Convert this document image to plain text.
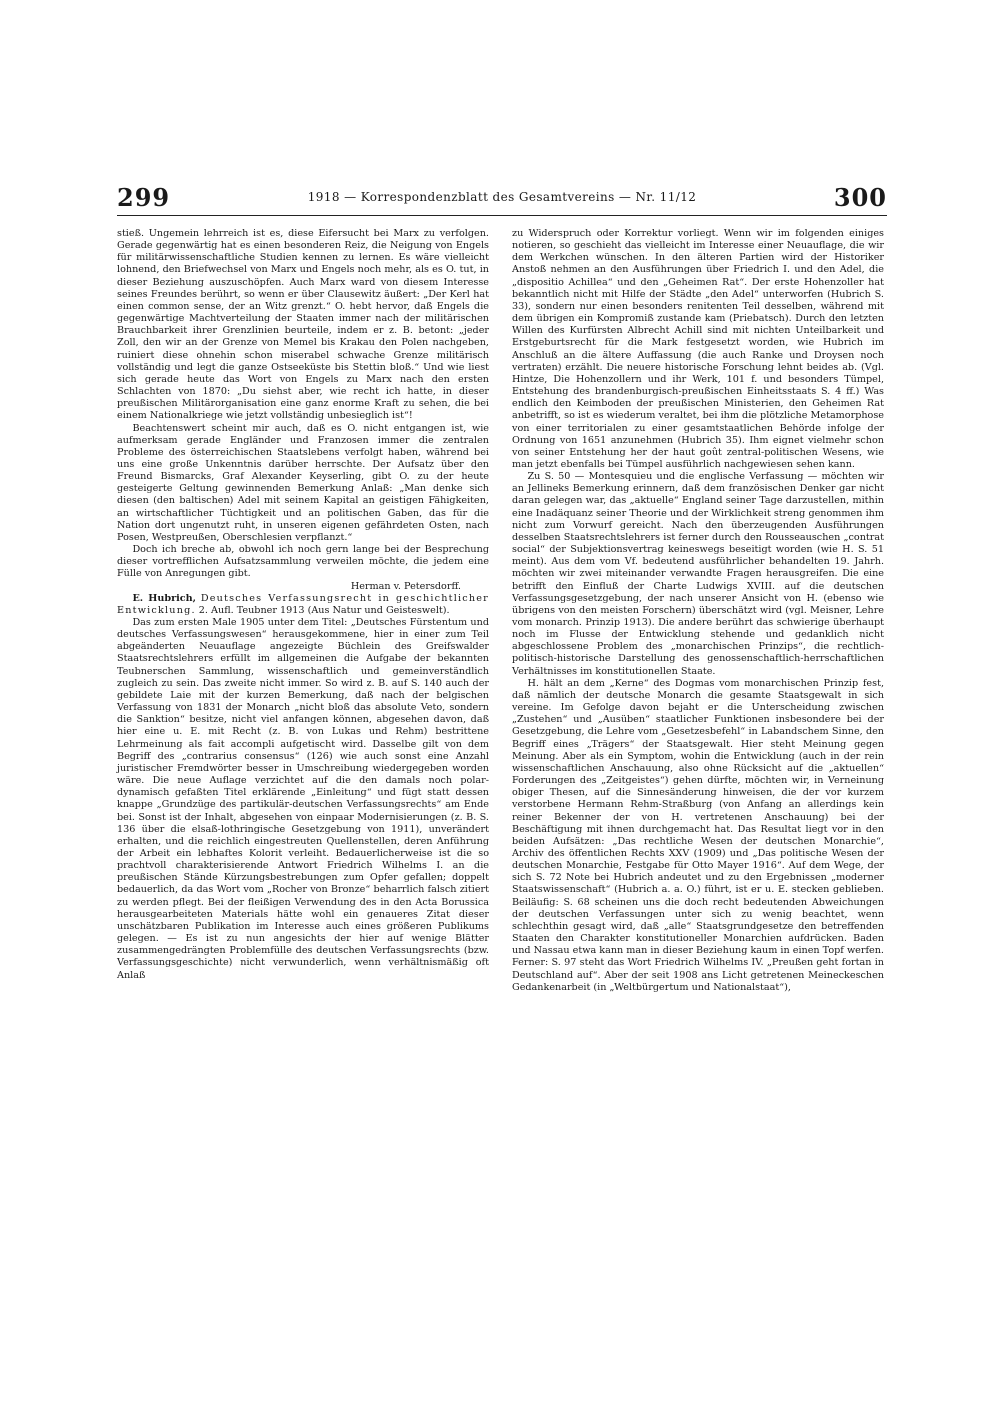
299	1918 — Korrespondenzblatt des Gesamtvereins — Nr. 11/12	300

stieß. Ungemein lehrreich ist es, diese Eifersucht bei Marx zu verfolgen. Gerade gegenwärtig hat es einen besonderen Reiz, die Neigung von Engels für militärwissenschaftliche Studien kennen zu lernen. Es wäre vielleicht lohnend, den Briefwechsel von Marx und Engels noch mehr, als es O. tut, in dieser Beziehung auszuschöpfen. Auch Marx ward von diesem Interesse seines Freundes berührt, so wenn er über Clausewitz äußert: „Der Kerl hat einen common sense, der an Witz grenzt.“ O. hebt hervor, daß Engels die gegenwärtige Machtverteilung der Staaten immer nach der militärischen Brauchbarkeit ihrer Grenzlinien beurteile, indem er z. B. betont: „jeder Zoll, den wir an der Grenze von Memel bis Krakau den Polen nachgeben, ruiniert diese ohnehin schon miserabel schwache Grenze militärisch vollständig und legt die ganze Ostseeküste bis Stettin bloß.“ Und wie liest sich gerade heute das Wort von Engels zu Marx nach den ersten Schlachten von 1870: „Du siehst aber, wie recht ich hatte, in dieser preußischen Militärorganisation eine ganz enorme Kraft zu sehen, die bei einem Nationalkriege wie jetzt vollständig unbesieglich ist“!

Beachtenswert scheint mir auch, daß es O. nicht entgangen ist, wie aufmerksam gerade Engländer und Franzosen immer die zentralen Probleme des österreichischen Staatslebens verfolgt haben, während bei uns eine große Unkenntnis darüber herrschte. Der Aufsatz über den Freund Bismarcks, Graf Alexander Keyserling, gibt O. zu der heute gesteigerte Geltung gewinnenden Bemerkung Anlaß: „Man denke sich diesen (den baltischen) Adel mit seinem Kapital an geistigen Fähigkeiten, an wirtschaftlicher Tüchtigkeit und an politischen Gaben, das für die Nation dort ungenutzt ruht, in unseren eigenen gefährdeten Osten, nach Posen, Westpreußen, Oberschlesien verpflanzt.“

Doch ich breche ab, obwohl ich noch gern lange bei der Besprechung dieser vortrefflichen Aufsatzsammlung verweilen möchte, die jedem eine Fülle von Anregungen gibt.

Herman v. Petersdorff.

E. Hubrich, Deutsches Verfassungsrecht in geschichtlicher Entwicklung. 2. Aufl. Teubner 1913 (Aus Natur und Geisteswelt).

Das zum ersten Male 1905 unter dem Titel: „Deutsches Fürstentum und deutsches Verfassungswesen“ herausgekommene, hier in einer zum Teil abgeänderten Neuauflage angezeigte Büchlein des Greifswalder Staatsrechtslehrers erfüllt im allgemeinen die Aufgabe der bekannten Teubnerschen Sammlung, wissenschaftlich und gemeinverständlich zugleich zu sein. Das zweite nicht immer. So wird z. B. auf S. 140 auch der gebildete Laie mit der kurzen Bemerkung, daß nach der belgischen Verfassung von 1831 der Monarch „nicht bloß das absolute Veto, sondern die Sanktion“ besitze, nicht viel anfangen können, abgesehen davon, daß hier eine u. E. mit Recht (z. B. von Lukas und Rehm) bestrittene Lehrmeinung als fait accompli aufgetischt wird. Dasselbe gilt von dem Begriff des „contrarius consensus“ (126) wie auch sonst eine Anzahl juristischer Fremdwörter besser in Umschreibung wiedergegeben worden wäre. Die neue Auflage verzichtet auf die den damals noch polar-dynamisch gefaßten Titel erklärende „Einleitung“ und fügt statt dessen knappe „Grundzüge des partikulär-deutschen Verfassungsrechts“ am Ende bei. Sonst ist der Inhalt, abgesehen von einpaar Modernisierungen (z. B. S. 136 über die elsaß-lothringische Gesetzgebung von 1911), unverändert erhalten, und die reichlich eingestreuten Quellenstellen, deren Anführung der Arbeit ein lebhaftes Kolorit verleiht. Bedauerlicherweise ist die so prachtvoll charakterisierende Antwort Friedrich Wilhelms I. an die preußischen Stände Kürzungsbestrebungen zum Opfer gefallen; doppelt bedauerlich, da das Wort vom „Rocher von Bronze“ beharrlich falsch zitiert zu werden pflegt. Bei der fleißigen Verwendung des in den Acta Borussica herausgearbeiteten Materials hätte wohl ein genaueres Zitat dieser unschätzbaren Publikation im Interesse auch eines größeren Publikums gelegen. — Es ist zu nun angesichts der hier auf wenige Blätter zusammengedrängten Problemfülle des deutschen Verfassungsrechts (bzw. Verfassungsgeschichte) nicht verwunderlich, wenn verhältnismäßig oft Anlaß

zu Widerspruch oder Korrektur vorliegt. Wenn wir im folgenden einiges notieren, so geschieht das vielleicht im Interesse einer Neuauflage, die wir dem Werkchen wünschen. In den älteren Partien wird der Historiker Anstoß nehmen an den Ausführungen über Friedrich I. und den Adel, die „dispositio Achillea“ und den „Geheimen Rat“. Der erste Hohenzoller hat bekanntlich nicht mit Hilfe der Städte „den Adel“ unterworfen (Hubrich S. 33), sondern nur einen besonders renitenten Teil desselben, während mit dem übrigen ein Kompromiß zustande kam (Priebatsch). Durch den letzten Willen des Kurfürsten Albrecht Achill sind mit nichten Unteilbarkeit und Erstgeburtsrecht für die Mark festgesetzt worden, wie Hubrich im Anschluß an die ältere Auffassung (die auch Ranke und Droysen noch vertraten) erzählt. Die neuere historische Forschung lehnt beides ab. (Vgl. Hintze, Die Hohenzollern und ihr Werk, 101 f. und besonders Tümpel, Entstehung des brandenburgisch-preußischen Einheitsstaats S. 4 ff.) Was endlich den Keimboden der preußischen Ministerien, den Geheimen Rat anbetrifft, so ist es wiederum veraltet, bei ihm die plötzliche Metamorphose von einer territorialen zu einer gesamtstaatlichen Behörde infolge der Ordnung von 1651 anzunehmen (Hubrich 35). Ihm eignet vielmehr schon von seiner Entstehung her der haut goût zentral-politischen Wesens, wie man jetzt ebenfalls bei Tümpel ausführlich nachgewiesen sehen kann.

Zu S. 50 — Montesquieu und die englische Verfassung — möchten wir an Jellineks Bemerkung erinnern, daß dem französischen Denker gar nicht daran gelegen war, das „aktuelle“ England seiner Tage darzustellen, mithin eine Inadäquanz seiner Theorie und der Wirklichkeit streng genommen ihm nicht zum Vorwurf gereicht. Nach den überzeugenden Ausführungen desselben Staatsrechtslehrers ist ferner durch den Rousseauschen „contrat social“ der Subjektionsvertrag keineswegs beseitigt worden (wie H. S. 51 meint). Aus dem vom Vf. bedeutend ausführlicher behandelten 19. Jahrh. möchten wir zwei miteinander verwandte Fragen herausgreifen. Die eine betrifft den Einfluß der Charte Ludwigs XVIII. auf die deutschen Verfassungsgesetzgebung, der nach unserer Ansicht von H. (ebenso wie übrigens von den meisten Forschern) überschätzt wird (vgl. Meisner, Lehre vom monarch. Prinzip 1913). Die andere berührt das schwierige überhaupt noch im Flusse der Entwicklung stehende und gedanklich nicht abgeschlossene Problem des „monarchischen Prinzips“, die rechtlich-politisch-historische Darstellung des genossenschaftlich-herrschaftlichen Verhältnisses im konstitutionellen Staate.

H. hält an dem „Kerne“ des Dogmas vom monarchischen Prinzip fest, daß nämlich der deutsche Monarch die gesamte Staatsgewalt in sich vereine. Im Gefolge davon bejaht er die Unterscheidung zwischen „Zustehen“ und „Ausüben“ staatlicher Funktionen insbesondere bei der Gesetzgebung, die Lehre vom „Gesetzesbefehl“ in Labandschem Sinne, den Begriff eines „Trägers“ der Staatsgewalt. Hier steht Meinung gegen Meinung. Aber als ein Symptom, wohin die Entwicklung (auch in der rein wissenschaftlichen Anschauung, also ohne Rücksicht auf die „aktuellen“ Forderungen des „Zeitgeistes“) gehen dürfte, möchten wir, in Verneinung obiger Thesen, auf die Sinnesänderung hinweisen, die der vor kurzem verstorbene Hermann Rehm-Straßburg (von Anfang an allerdings kein reiner Bekenner der von H. vertretenen Anschauung) bei der Beschäftigung mit ihnen durchgemacht hat. Das Resultat liegt vor in den beiden Aufsätzen: „Das rechtliche Wesen der deutschen Monarchie“, Archiv des öffentlichen Rechts XXV (1909) und „Das politische Wesen der deutschen Monarchie, Festgabe für Otto Mayer 1916“. Auf dem Wege, der sich S. 72 Note bei Hubrich andeutet und zu den Ergebnissen „moderner Staatswissenschaft“ (Hubrich a. a. O.) führt, ist er u. E. stecken geblieben. Beiläufig: S. 68 scheinen uns die doch recht bedeutenden Abweichungen der deutschen Verfassungen unter sich zu wenig beachtet, wenn schlechthin gesagt wird, daß „alle“ Staatsgrundgesetze den betreffenden Staaten den Charakter konstitutioneller Monarchien aufdrücken. Baden und Nassau etwa kann man in dieser Beziehung kaum in einen Topf werfen. Ferner: S. 97 steht das Wort Friedrich Wilhelms IV. „Preußen geht fortan in Deutschland auf“. Aber der seit 1908 ans Licht getretenen Meineckeschen Gedankenarbeit (in „Weltbürgertum und Nationalstaat“),
